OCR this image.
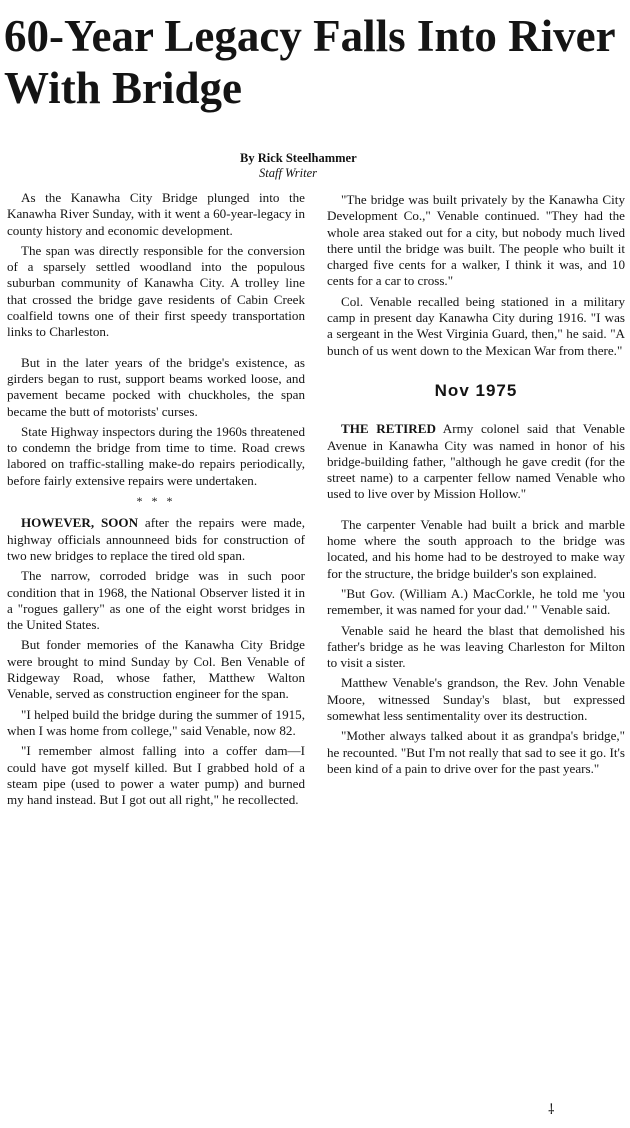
60-Year Legacy Falls Into River With Bridge
By Rick Steelhammer
Staff Writer

As the Kanawha City Bridge plunged into the Kanawha River Sunday, with it went a 60-year-legacy in county history and economic development.

The span was directly responsible for the conversion of a sparsely settled woodland into the populous suburban community of Kanawha City. A trolley line that crossed the bridge gave residents of Cabin Creek coalfield towns one of their first speedy transportation links to Charleston.

But in the later years of the bridge's existence, as girders began to rust, support beams worked loose, and pavement became pocked with chuckholes, the span became the butt of motorists' curses.

State Highway inspectors during the 1960s threatened to condemn the bridge from time to time. Road crews labored on traffic-stalling make-do repairs periodically, before fairly extensive repairs were undertaken.

* * *

HOWEVER, SOON after the repairs were made, highway officials announneed bids for construction of two new bridges to replace the tired old span.

The narrow, corroded bridge was in such poor condition that in 1968, the National Observer listed it in a "rogues gallery" as one of the eight worst bridges in the United States.

But fonder memories of the Kanawha City Bridge were brought to mind Sunday by Col. Ben Venable of Ridgeway Road, whose father, Matthew Walton Venable, served as construction engineer for the span.

"I helped build the bridge during the summer of 1915, when I was home from college," said Venable, now 82.

"I remember almost falling into a coffer dam—I could have got myself killed. But I grabbed hold of a steam pipe (used to power a water pump) and burned my hand instead. But I got out all right," he recollected.

"The bridge was built privately by the Kanawha City Development Co.," Venable continued. "They had the whole area staked out for a city, but nobody much lived there until the bridge was built. The people who built it charged five cents for a walker, I think it was, and 10 cents for a car to cross."

Col. Venable recalled being stationed in a military camp in present day Kanawha City during 1916. "I was a sergeant in the West Virginia Guard, then," he said. "A bunch of us went down to the Mexican War from there."

Nov 1975

THE RETIRED Army colonel said that Venable Avenue in Kanawha City was named in honor of his bridge-building father, "although he gave credit (for the street name) to a carpenter fellow named Venable who used to live over by Mission Hollow."

The carpenter Venable had built a brick and marble home where the south approach to the bridge was located, and his home had to be destroyed to make way for the structure, the bridge builder's son explained.

"But Gov. (William A.) MacCorkle, he told me 'you remember, it was named for your dad.' " Venable said.

Venable said he heard the blast that demolished his father's bridge as he was leaving Charleston for Milton to visit a sister.

Matthew Venable's grandson, the Rev. John Venable Moore, witnessed Sunday's blast, but expressed somewhat less sentimentality over its destruction.

"Mother always talked about it as grandpa's bridge," he recounted. "But I'm not really that sad to see it go. It's been kind of a pain to drive over for the past years."

⸸
